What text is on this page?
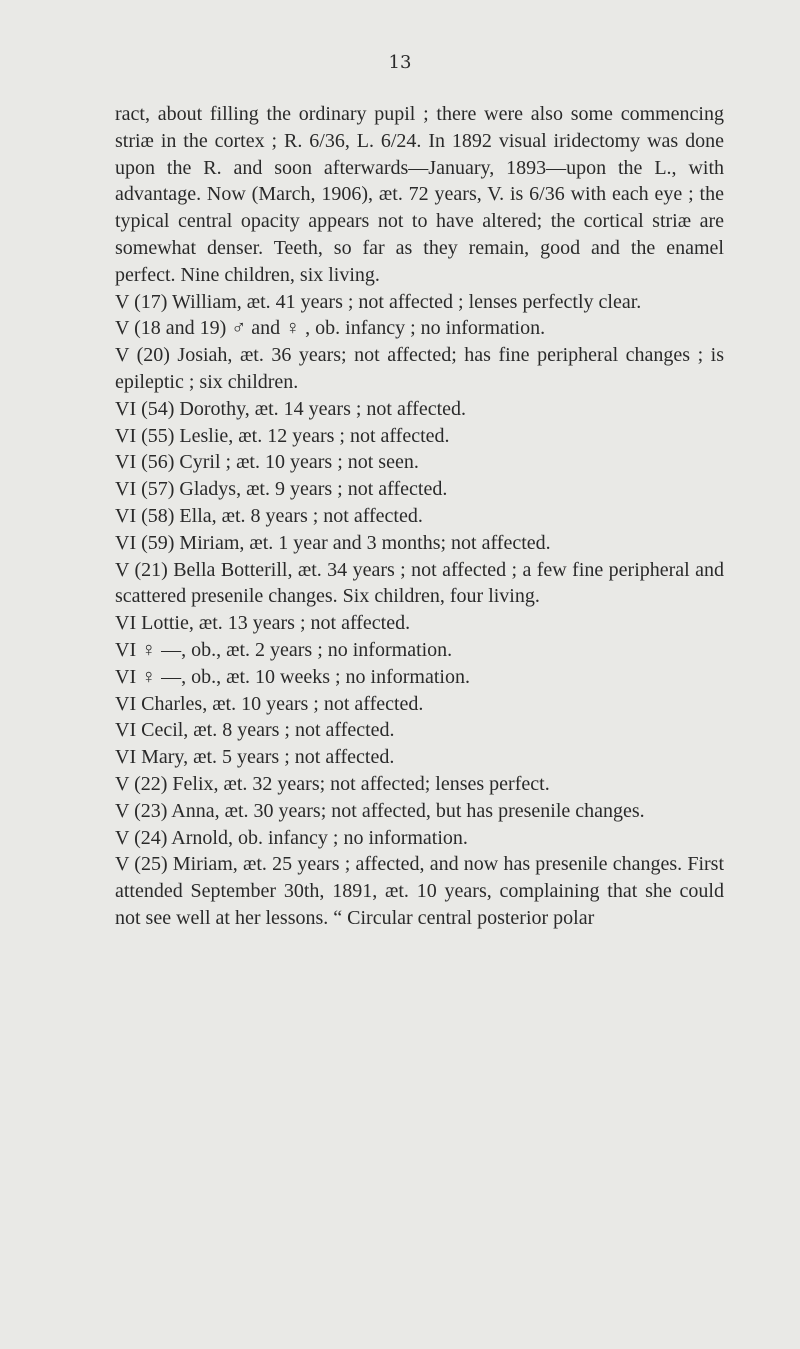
13

ract, about filling the ordinary pupil ; there were also some commencing striæ in the cortex ; R. 6/36, L. 6/24. In 1892 visual iridectomy was done upon the R. and soon afterwards—January, 1893—upon the L., with advantage. Now (March, 1906), æt. 72 years, V. is 6/36 with each eye ; the typical central opacity appears not to have altered; the cortical striæ are somewhat denser. Teeth, so far as they remain, good and the enamel perfect. Nine children, six living.

V (17) William, æt. 41 years ; not affected ; lenses perfectly clear.

V (18 and 19) ♂ and ♀ , ob. infancy ; no information.

V (20) Josiah, æt. 36 years; not affected; has fine peripheral changes ; is epileptic ; six children.

VI (54) Dorothy, æt. 14 years ; not affected.

VI (55) Leslie, æt. 12 years ; not affected.

VI (56) Cyril ; æt. 10 years ; not seen.

VI (57) Gladys, æt. 9 years ; not affected.

VI (58) Ella, æt. 8 years ; not affected.

VI (59) Miriam, æt. 1 year and 3 months; not affected.

V (21) Bella Botterill, æt. 34 years ; not affected ; a few fine peripheral and scattered presenile changes. Six children, four living.

VI Lottie, æt. 13 years ; not affected.

VI ♀ —, ob., æt. 2 years ; no information.

VI ♀ —, ob., æt. 10 weeks ; no information.

VI Charles, æt. 10 years ; not affected.

VI Cecil, æt. 8 years ; not affected.

VI Mary, æt. 5 years ; not affected.

V (22) Felix, æt. 32 years; not affected; lenses perfect.

V (23) Anna, æt. 30 years; not affected, but has presenile changes.

V (24) Arnold, ob. infancy ; no information.

V (25) Miriam, æt. 25 years ; affected, and now has presenile changes. First attended September 30th, 1891, æt. 10 years, complaining that she could not see well at her lessons. “ Circular central posterior polar
